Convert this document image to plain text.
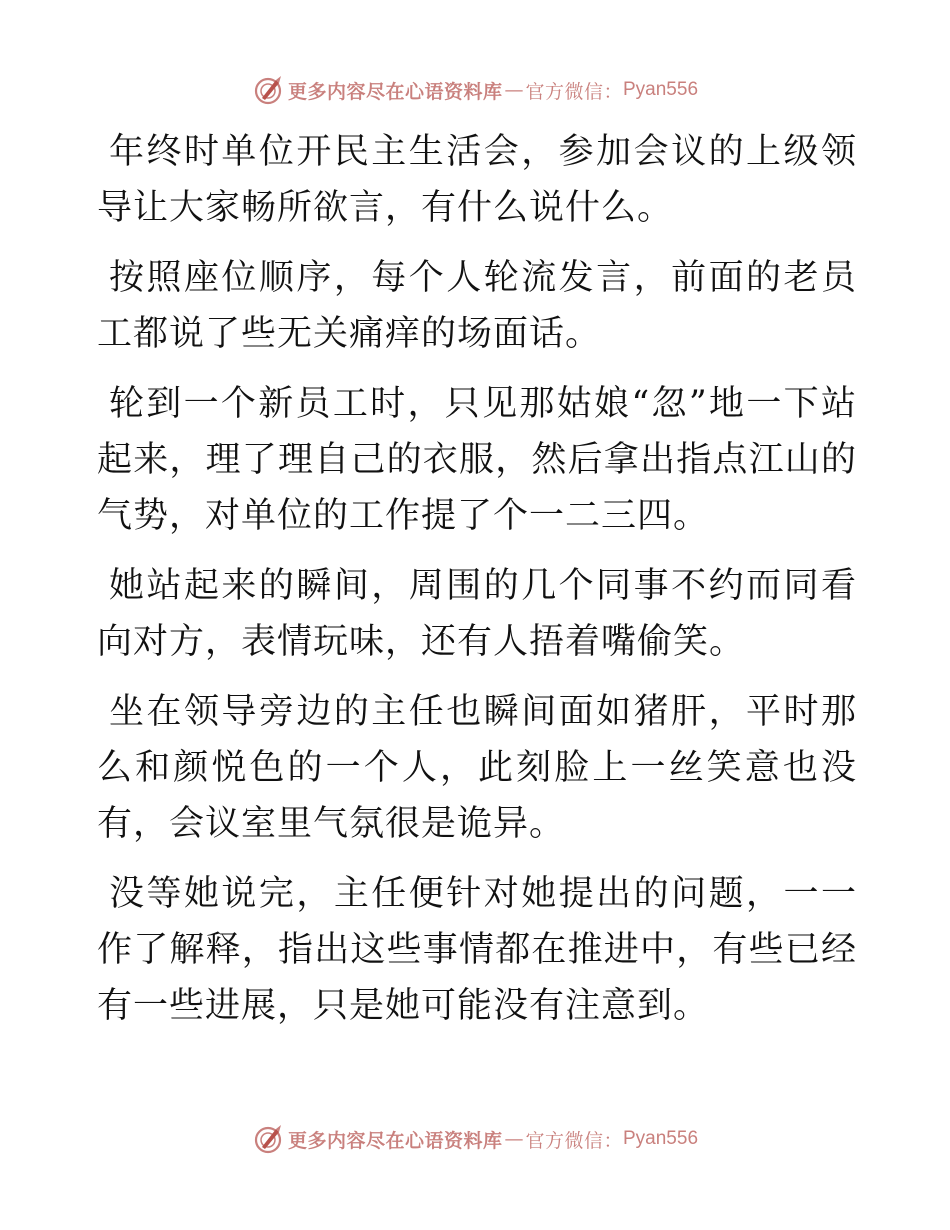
更多内容尽在心语资料库 — 官方微信： Pyan556

年终时单位开民主生活会，参加会议的上级领导让大家畅所欲言，有什么说什么。

按照座位顺序，每个人轮流发言，前面的老员工都说了些无关痛痒的场面话。

轮到一个新员工时，只见那姑娘“忽”地一下站起来，理了理自己的衣服，然后拿出指点江山的气势，对单位的工作提了个一二三四。

她站起来的瞬间，周围的几个同事不约而同看向对方，表情玩味，还有人捂着嘴偷笑。

坐在领导旁边的主任也瞬间面如猪肝，平时那么和颜悦色的一个人，此刻脸上一丝笑意也没有，会议室里气氛很是诡异。

没等她说完，主任便针对她提出的问题，一一作了解释，指出这些事情都在推进中，有些已经有一些进展，只是她可能没有注意到。

更多内容尽在心语资料库 — 官方微信： Pyan556
